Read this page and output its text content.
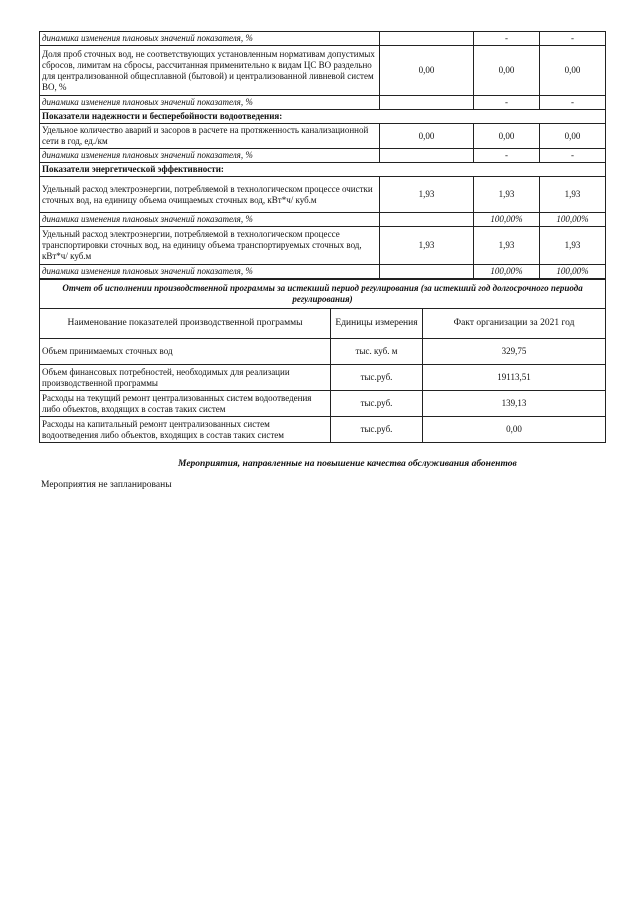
динамика изменения плановых значений показателя, %		-	-
Доля проб сточных вод, не соответствующих установленным нормативам допустимых сбросов, лимитам на сбросы, рассчитанная применительно к видам ЦС ВО раздельно для централизованной общесплавной (бытовой) и централизованной ливневой систем ВО, %	0,00	0,00	0,00
динамика изменения плановых значений показателя, %		-	-
Показатели надежности и бесперебойности водоотведения:			
Удельное количество аварий и засоров в расчете на протяженность канализационной сети в год, ед./км	0,00	0,00	0,00
динамика изменения плановых значений показателя, %		-	-
Показатели энергетической эффективности:			
Удельный расход электроэнергии, потребляемой в технологическом процессе очистки сточных вод, на единицу объема очищаемых сточных вод, кВт*ч/ куб.м	1,93	1,93	1,93
динамика изменения плановых значений показателя, %		100,00%	100,00%
Удельный расход электроэнергии, потребляемой в технологическом процессе транспортировки сточных вод, на единицу объема транспортируемых сточных вод, кВт*ч/ куб.м	1,93	1,93	1,93
динамика изменения плановых значений показателя, %		100,00%	100,00%
Отчет об исполнении производственной программы за истекший период регулирования (за истекший год долгосрочного периода регулирования)		
Наименование показателей производственной программы	Единицы измерения	Факт организации за 2021 год
Объем принимаемых сточных вод	тыс. куб. м	329,75
Объем финансовых потребностей, необходимых для реализации производственной программы	тыс.руб.	19113,51
Расходы на текущий ремонт централизованных систем водоотведения либо объектов, входящих в состав таких систем	тыс.руб.	139,13
Расходы на капитальный ремонт централизованных систем водоотведения либо объектов, входящих в состав таких систем	тыс.руб.	0,00
Мероприятия, направленные на повышение качества обслуживания абонентов
Мероприятия не запланированы
